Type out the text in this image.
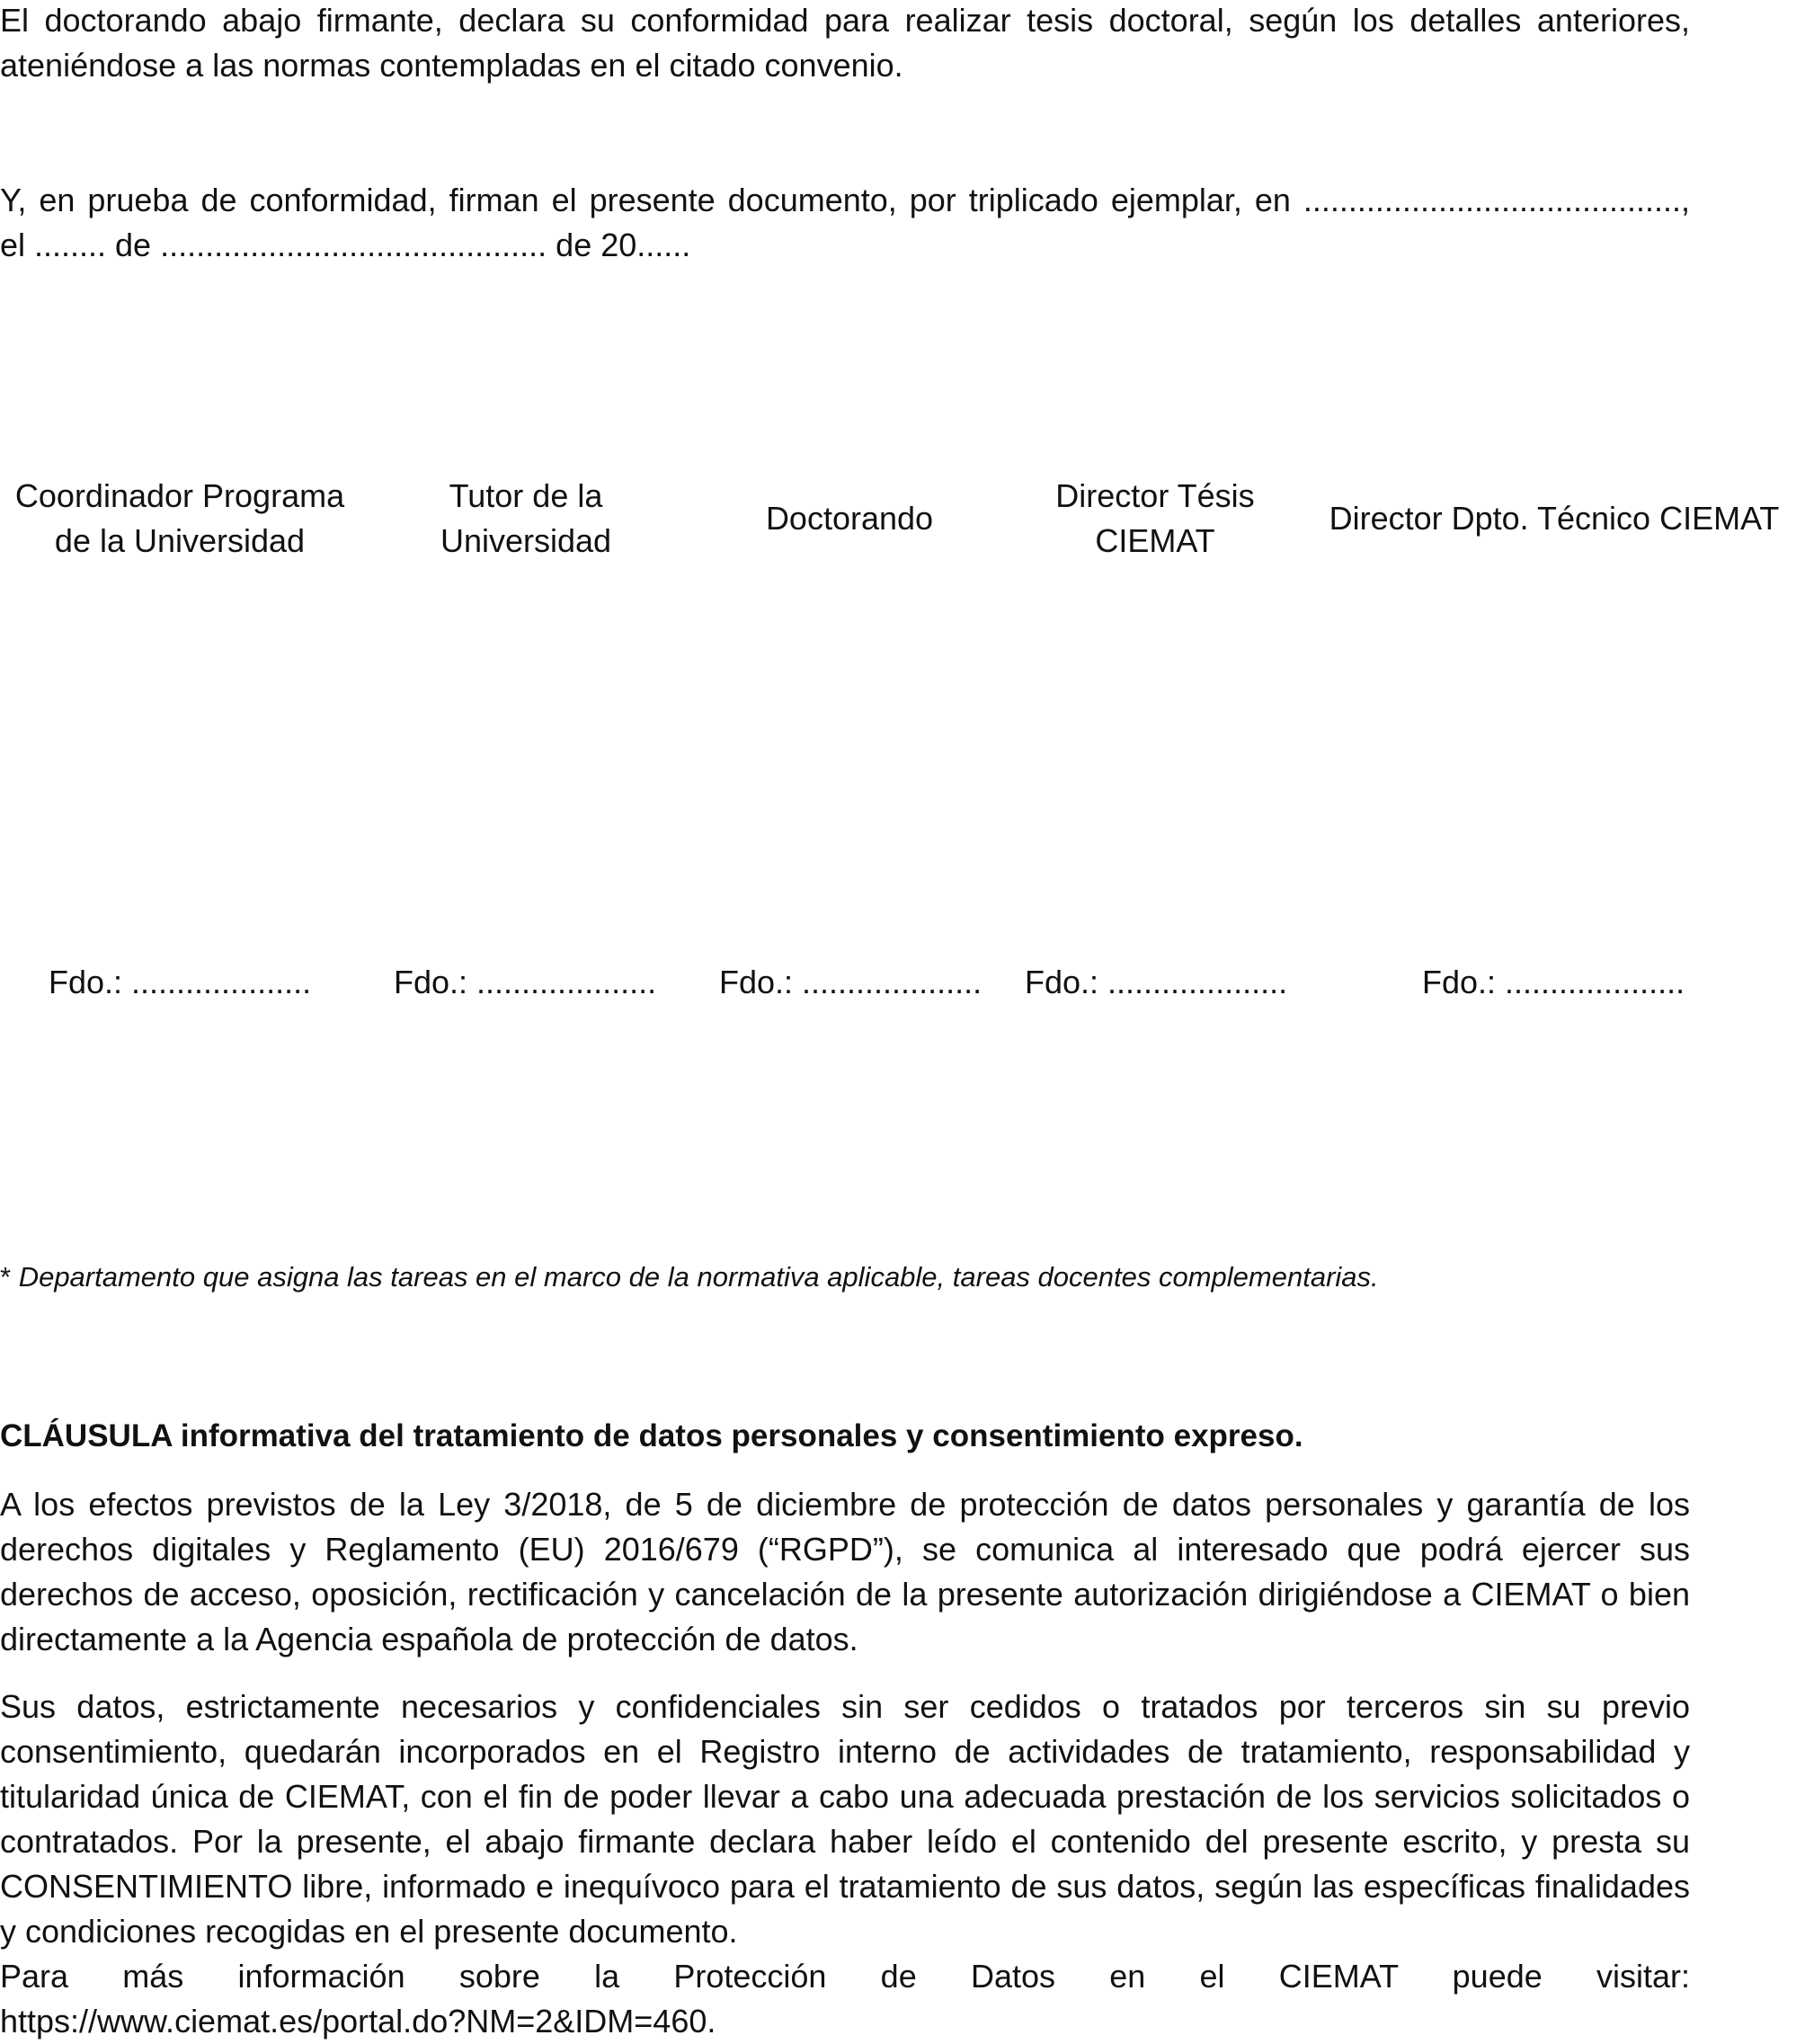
El doctorando abajo firmante, declara su conformidad para realizar tesis doctoral, según los detalles anteriores,
ateniéndose a las normas contempladas en el citado convenio.
Y, en prueba de conformidad, firman el presente documento, por triplicado ejemplar, en ..........................................,
el ........ de ........................................... de 20......
Coordinador Programa
de la Universidad
Tutor de la
Universidad
Doctorando
Director Tésis
CIEMAT
Director Dpto. Técnico CIEMAT
Fdo.: ....................	Fdo.: .................... Fdo.: .................... Fdo.: ....................	Fdo.: ....................
* Departamento que asigna las tareas en el marco de la normativa aplicable, tareas docentes complementarias.
CLÁUSULA informativa del tratamiento de datos personales y consentimiento expreso.
A los efectos previstos de la Ley 3/2018, de 5 de diciembre de protección de datos personales y garantía de los derechos digitales y Reglamento (EU) 2016/679 (“RGPD”), se comunica al interesado que podrá ejercer sus derechos de acceso, oposición, rectificación y cancelación de la presente autorización dirigiéndose a CIEMAT o bien directamente a la Agencia española de protección de datos.
Sus datos, estrictamente necesarios y confidenciales sin ser cedidos o tratados por terceros sin su previo consentimiento, quedarán incorporados en el Registro interno de actividades de tratamiento, responsabilidad y titularidad única de CIEMAT, con el fin de poder llevar a cabo una adecuada prestación de los servicios solicitados o contratados. Por la presente, el abajo firmante declara haber leído el contenido del presente escrito, y presta su CONSENTIMIENTO libre, informado e inequívoco para el tratamiento de sus datos, según las específicas finalidades y condiciones recogidas en el presente documento.
Para más información sobre la Protección de Datos en el CIEMAT puede visitar:
https://www.ciemat.es/portal.do?NM=2&IDM=460.
